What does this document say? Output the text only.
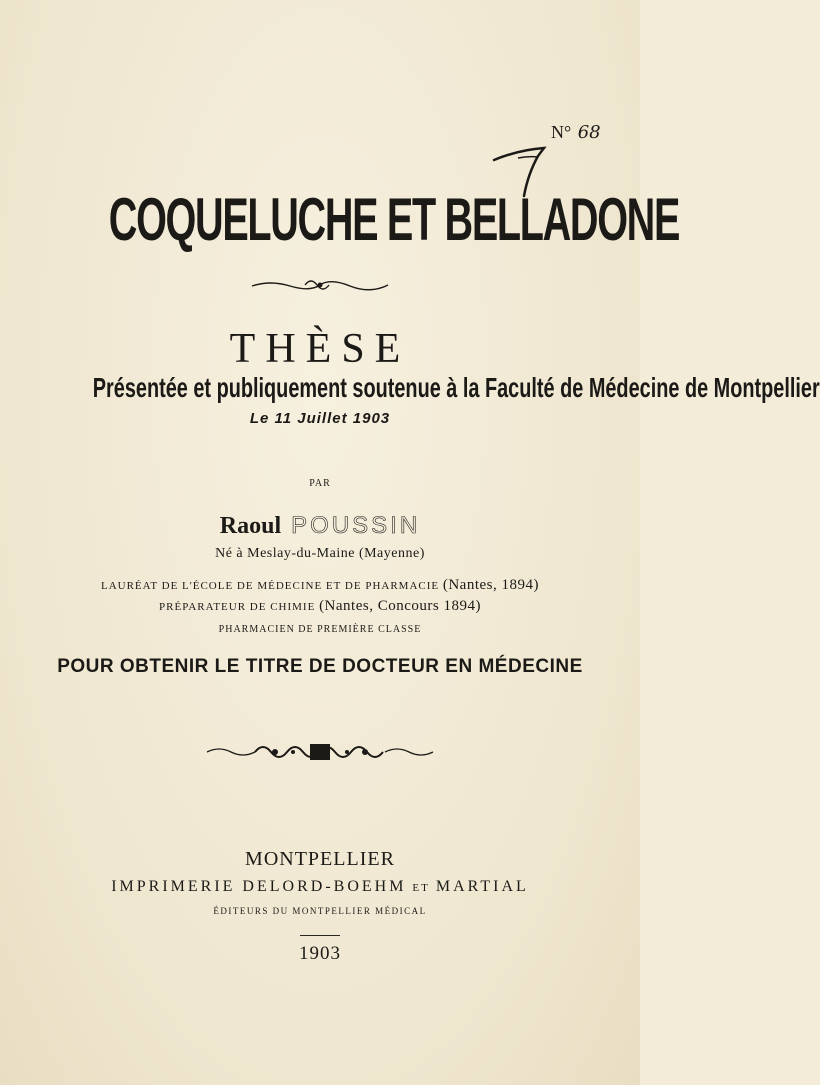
N° 68
7
COQUELUCHE ET BELLADONE
THÈSE
Présentée et publiquement soutenue à la Faculté de Médecine de Montpellier
Le 11 Juillet 1903
PAR
Raoul POUSSIN
Né à Meslay-du-Maine (Mayenne)
LAURÉAT DE L'ÉCOLE DE MÉDECINE ET DE PHARMACIE (Nantes, 1894)
PRÉPARATEUR DE CHIMIE (Nantes, Concours 1894)
PHARMACIEN DE PREMIÈRE CLASSE
POUR OBTENIR LE TITRE DE DOCTEUR EN MÉDECINE
MONTPELLIER
IMPRIMERIE DELORD-BOEHM ET MARTIAL
ÉDITEURS DU MONTPELLIER MÉDICAL
1903
